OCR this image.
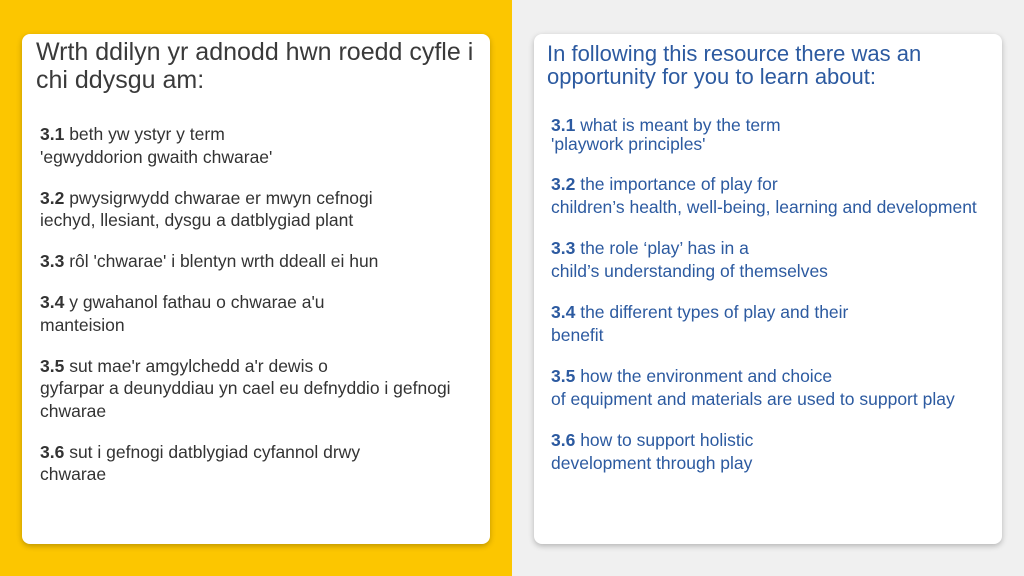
Wrth ddilyn yr adnodd hwn roedd cyfle i chi ddysgu am:
3.1 beth yw ystyr y term
'egwyddorion gwaith chwarae'
3.2 pwysigrwydd chwarae er mwyn cefnogi
iechyd, llesiant, dysgu a datblygiad plant
3.3 rôl 'chwarae' i blentyn wrth ddeall ei hun
3.4 y gwahanol fathau o chwarae a'u
manteision
3.5 sut mae'r amgylchedd a'r dewis o
gyfarpar a deunyddiau yn cael eu defnyddio i gefnogi chwarae
3.6 sut i gefnogi datblygiad cyfannol drwy
chwarae
In following this resource there was an opportunity for you to learn about:
3.1 what is meant by the term
'playwork principles'
3.2 the importance of play for
children’s health, well-being, learning and development
3.3 the role ‘play’ has in a
child’s understanding of themselves
3.4 the different types of play and their
benefit
3.5 how the environment and choice
of equipment and materials are used to support play
3.6 how to support holistic
development through play
